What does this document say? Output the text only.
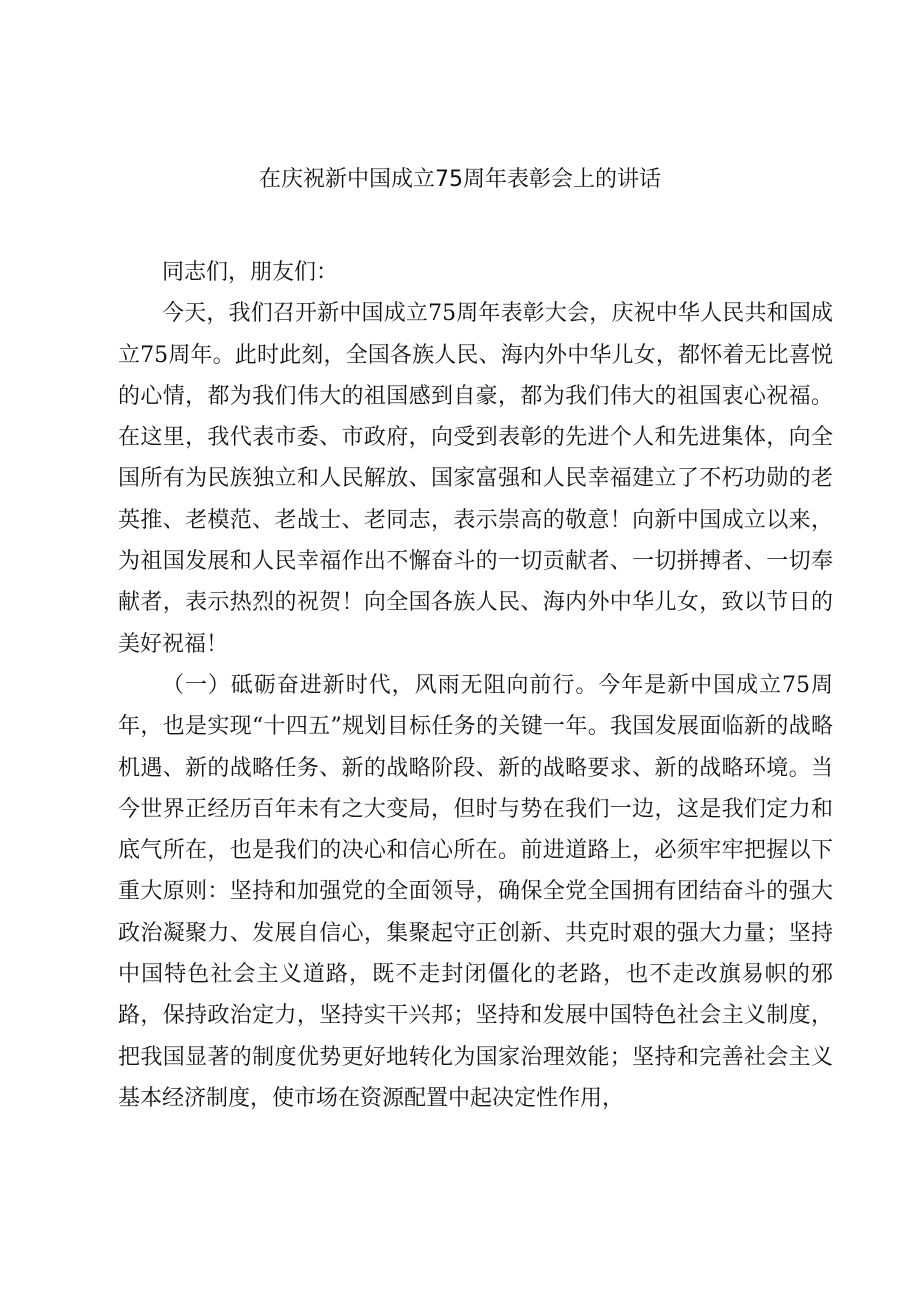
在庆祝新中国成立75周年表彰会上的讲话

同志们，朋友们：

今天，我们召开新中国成立75周年表彰大会，庆祝中华人民共和国成立75周年。此时此刻，全国各族人民、海内外中华儿女，都怀着无比喜悦的心情，都为我们伟大的祖国感到自豪，都为我们伟大的祖国衷心祝福。在这里，我代表市委、市政府，向受到表彰的先进个人和先进集体，向全国所有为民族独立和人民解放、国家富强和人民幸福建立了不朽功勋的老英推、老模范、老战士、老同志，表示崇高的敬意！向新中国成立以来，为祖国发展和人民幸福作出不懈奋斗的一切贡献者、一切拼搏者、一切奉献者，表示热烈的祝贺！向全国各族人民、海内外中华儿女，致以节日的美好祝福！

（一）砥砺奋进新时代，风雨无阻向前行。今年是新中国成立75周年，也是实现“十四五”规划目标任务的关键一年。我国发展面临新的战略机遇、新的战略任务、新的战略阶段、新的战略要求、新的战略环境。当今世界正经历百年未有之大变局，但时与势在我们一边，这是我们定力和底气所在，也是我们的决心和信心所在。前进道路上，必须牢牢把握以下重大原则：坚持和加强党的全面领导，确保全党全国拥有团结奋斗的强大政治凝聚力、发展自信心，集聚起守正创新、共克时艰的强大力量；坚持中国特色社会主义道路，既不走封闭僵化的老路，也不走改旗易帜的邪路，保持政治定力，坚持实干兴邦；坚持和发展中国特色社会主义制度，把我国显著的制度优势更好地转化为国家治理效能；坚持和完善社会主义基本经济制度，使市场在资源配置中起决定性作用，
